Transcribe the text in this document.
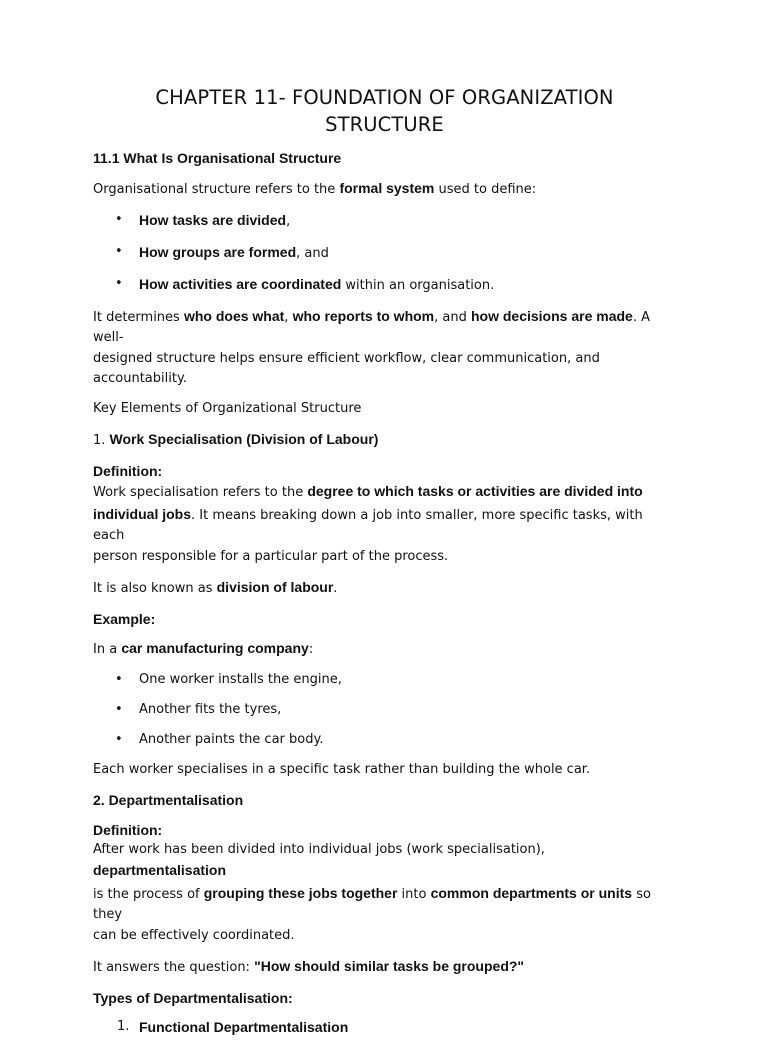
CHAPTER 11- FOUNDATION OF ORGANIZATION
STRUCTURE
11.1 What Is Organisational Structure

Organisational structure refers to the formal system used to define:

• How tasks are divided,
• How groups are formed, and
• How activities are coordinated within an organisation.

It determines who does what, who reports to whom, and how decisions are made. A well-
designed structure helps ensure efficient workflow, clear communication, and accountability.

Key Elements of Organizational Structure

1. Work Specialisation (Division of Labour)

Definition:

Work specialisation refers to the degree to which tasks or activities are divided into
individual jobs. It means breaking down a job into smaller, more specific tasks, with each
person responsible for a particular part of the process.

It is also known as division of labour.

Example:

In a car manufacturing company:

• One worker installs the engine,
• Another fits the tyres,
• Another paints the car body.

Each worker specialises in a specific task rather than building the whole car.

2. Departmentalisation

Definition:

After work has been divided into individual jobs (work specialisation), departmentalisation
is the process of grouping these jobs together into common departments or units so they
can be effectively coordinated.

It answers the question: "How should similar tasks be grouped?"

Types of Departmentalisation:

1. Functional Departmentalisation
